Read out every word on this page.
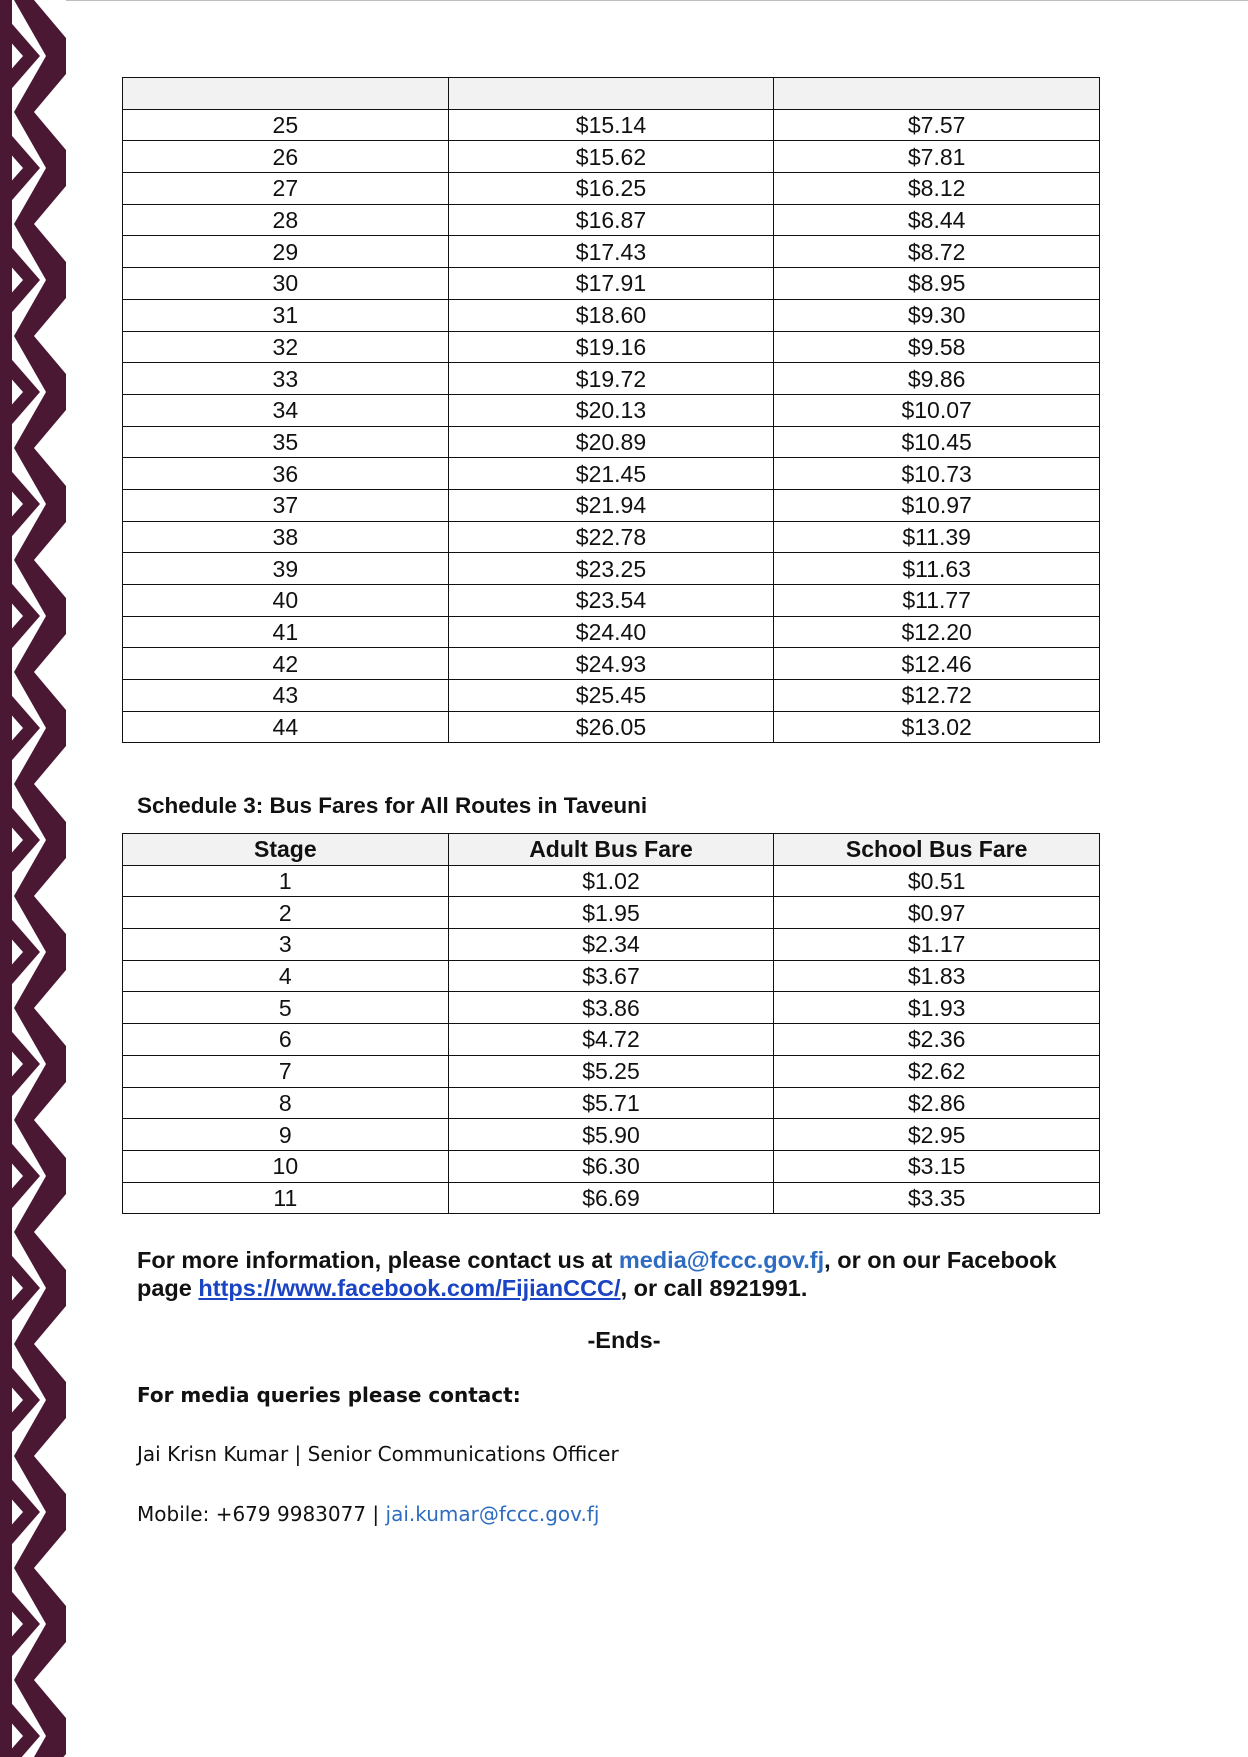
25	$15.14	$7.57
26	$15.62	$7.81
27	$16.25	$8.12
28	$16.87	$8.44
29	$17.43	$8.72
30	$17.91	$8.95
31	$18.60	$9.30
32	$19.16	$9.58
33	$19.72	$9.86
34	$20.13	$10.07
35	$20.89	$10.45
36	$21.45	$10.73
37	$21.94	$10.97
38	$22.78	$11.39
39	$23.25	$11.63
40	$23.54	$11.77
41	$24.40	$12.20
42	$24.93	$12.46
43	$25.45	$12.72
44	$26.05	$13.02
Schedule 3: Bus Fares for All Routes in Taveuni
Stage	Adult Bus Fare	School Bus Fare
1	$1.02	$0.51
2	$1.95	$0.97
3	$2.34	$1.17
4	$3.67	$1.83
5	$3.86	$1.93
6	$4.72	$2.36
7	$5.25	$2.62
8	$5.71	$2.86
9	$5.90	$2.95
10	$6.30	$3.15
11	$6.69	$3.35
For more information, please contact us at media@fccc.gov.fj, or on our Facebook page https://www.facebook.com/FijianCCC/, or call 8921991.
-Ends-
For media queries please contact:
Jai Krisn Kumar | Senior Communications Officer
Mobile: +679 9983077 | jai.kumar@fccc.gov.fj
